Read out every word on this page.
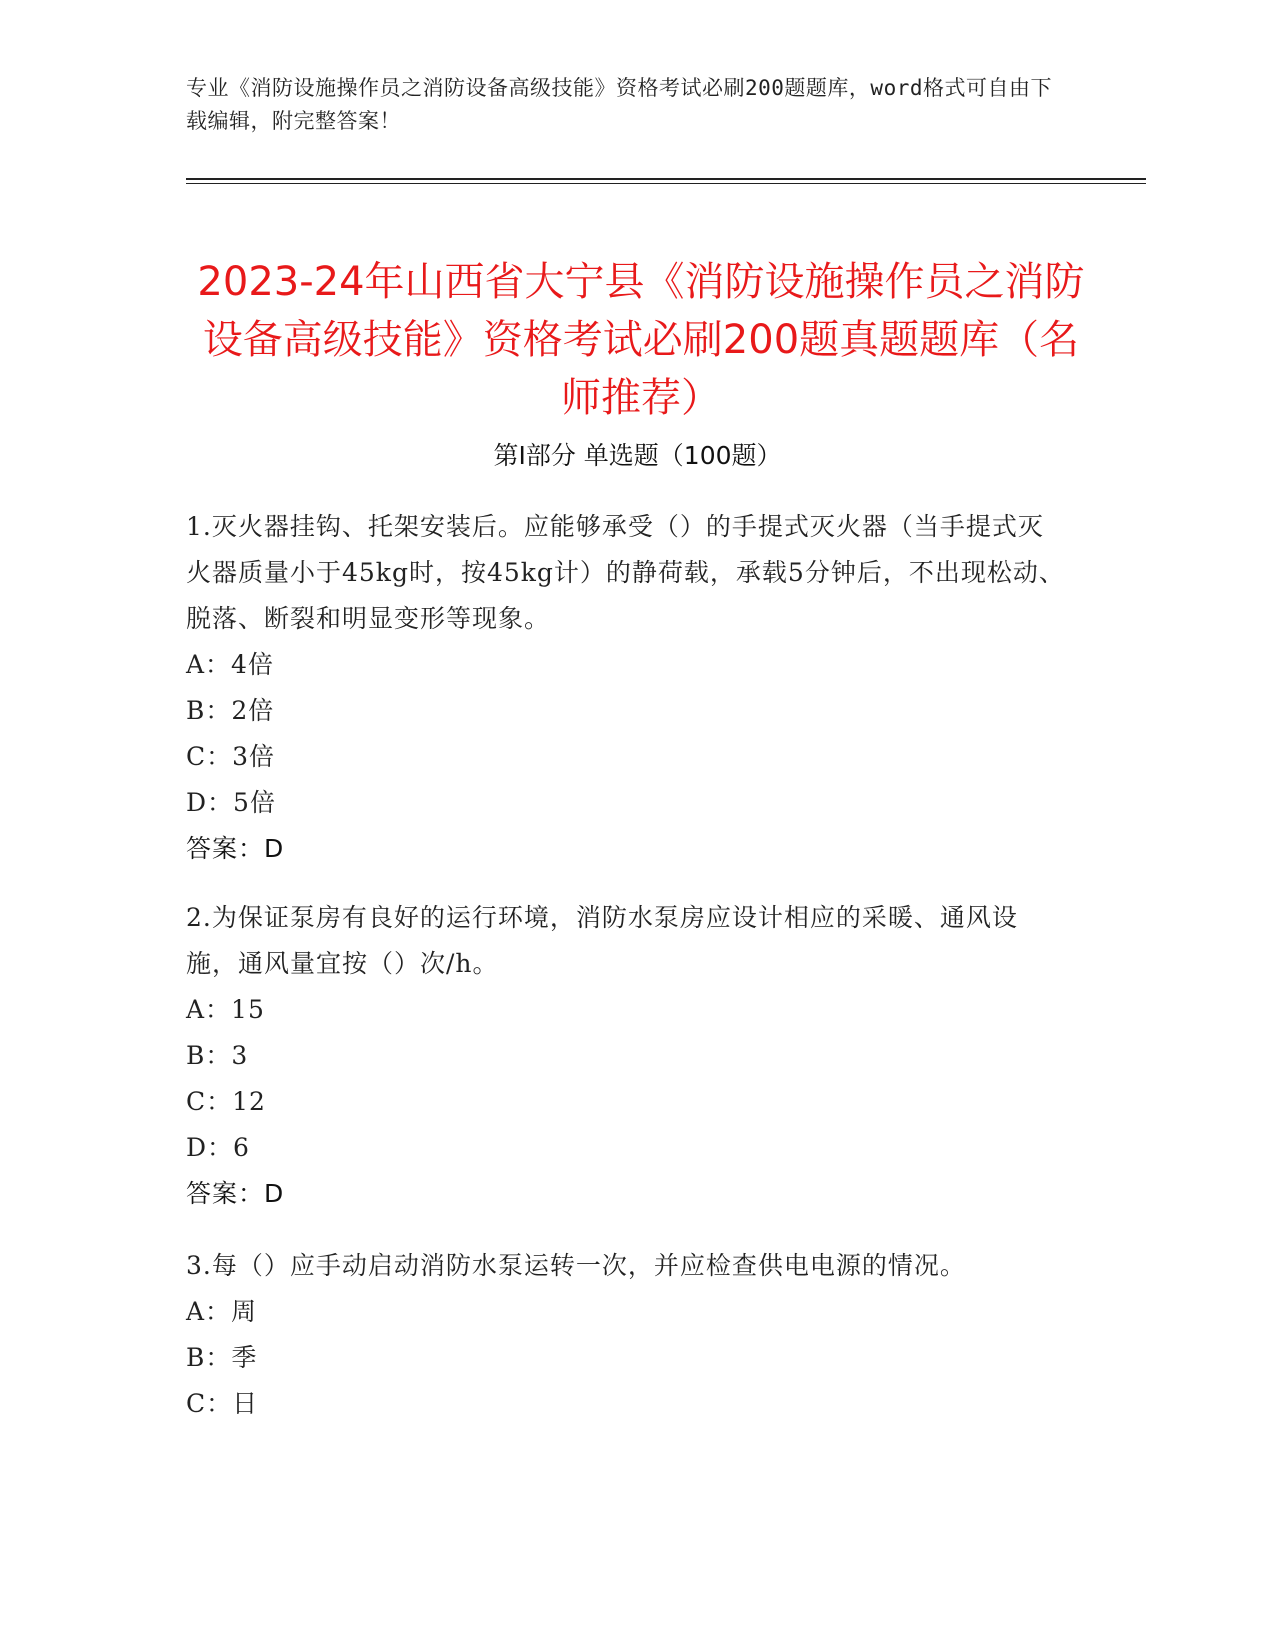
专业《消防设施操作员之消防设备高级技能》资格考试必刷200题题库，word格式可自由下载编辑，附完整答案！
2023-24年山西省大宁县《消防设施操作员之消防设备高级技能》资格考试必刷200题真题题库（名师推荐）
第Ⅰ部分 单选题（100题）

1.灭火器挂钩、托架安装后。应能够承受（）的手提式灭火器（当手提式灭火器质量小于45kg时，按45kg计）的静荷载，承载5分钟后，不出现松动、脱落、断裂和明显变形等现象。

A：4倍
B：2倍
C：3倍
D：5倍

答案：D

2.为保证泵房有良好的运行环境，消防水泵房应设计相应的采暖、通风设施，通风量宜按（）次/h。

A：15
B：3
C：12
D：6

答案：D

3.每（）应手动启动消防水泵运转一次，并应检查供电电源的情况。

A：周
B：季
C：日
